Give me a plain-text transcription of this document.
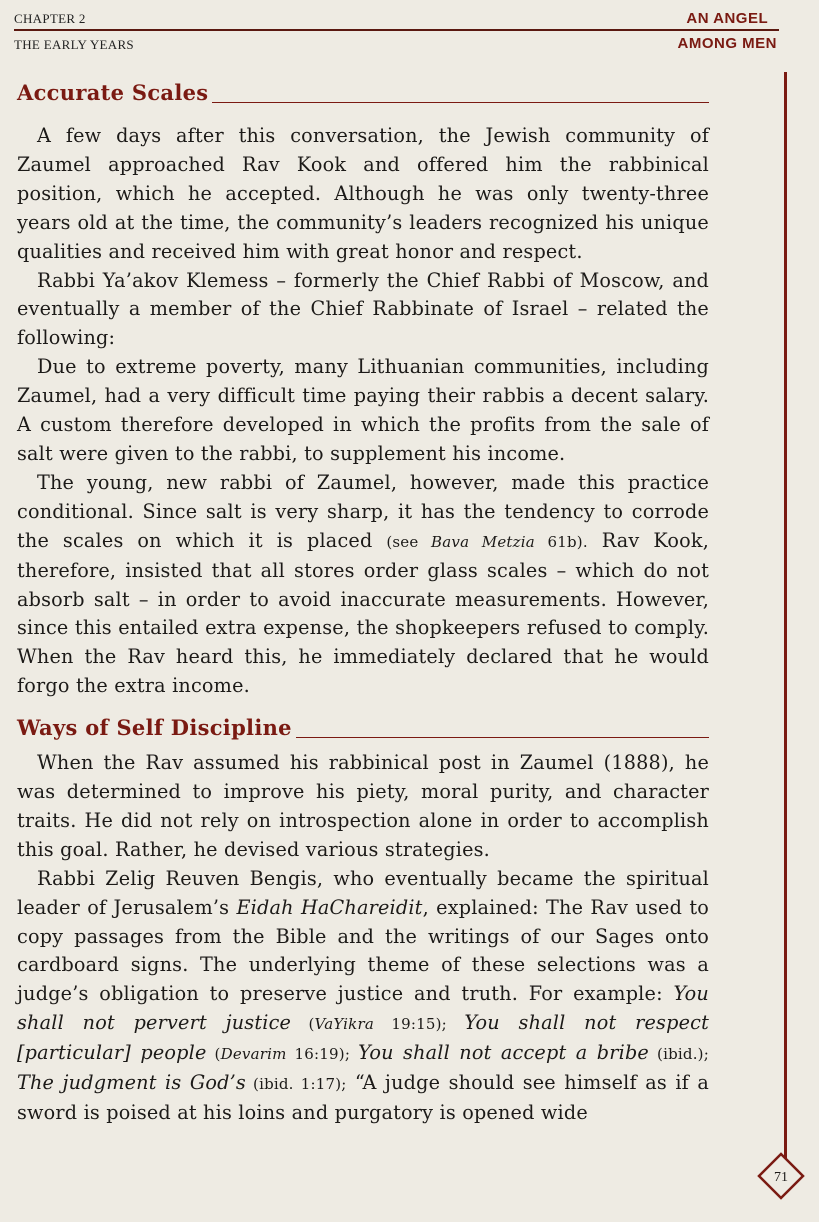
CHAPTER 2
THE EARLY YEARS
AN ANGEL
AMONG MEN
71
Accurate Scales

A few days after this conversation, the Jewish community of Zaumel approached Rav Kook and offered him the rabbinical position, which he accepted. Although he was only twenty-three years old at the time, the community’s leaders recognized his unique qualities and received him with great honor and respect.

Rabbi Ya’akov Klemess – formerly the Chief Rabbi of Moscow, and eventually a member of the Chief Rabbinate of Israel – related the following:

Due to extreme poverty, many Lithuanian communities, including Zaumel, had a very difficult time paying their rabbis a decent salary. A custom therefore developed in which the profits from the sale of salt were given to the rabbi, to supplement his income.

The young, new rabbi of Zaumel, however, made this practice conditional. Since salt is very sharp, it has the tendency to corrode the scales on which it is placed (see Bava Metzia 61b). Rav Kook, therefore, insisted that all stores order glass scales – which do not absorb salt – in order to avoid inaccurate measurements. However, since this entailed extra expense, the shopkeepers refused to comply. When the Rav heard this, he immediately declared that he would forgo the extra income.

Ways of Self Discipline

When the Rav assumed his rabbinical post in Zaumel (1888), he was determined to improve his piety, moral purity, and character traits. He did not rely on introspection alone in order to accomplish this goal. Rather, he devised various strategies.

Rabbi Zelig Reuven Bengis, who eventually became the spiritual leader of Jerusalem’s Eidah HaChareidit, explained: The Rav used to copy passages from the Bible and the writings of our Sages onto cardboard signs. The underlying theme of these selections was a judge’s obligation to preserve justice and truth. For example: You shall not pervert justice (VaYikra 19:15); You shall not respect [particular] people (Devarim 16:19); You shall not accept a bribe (ibid.); The judgment is God’s (ibid. 1:17); “A judge should see himself as if a sword is poised at his loins and purgatory is opened wide
